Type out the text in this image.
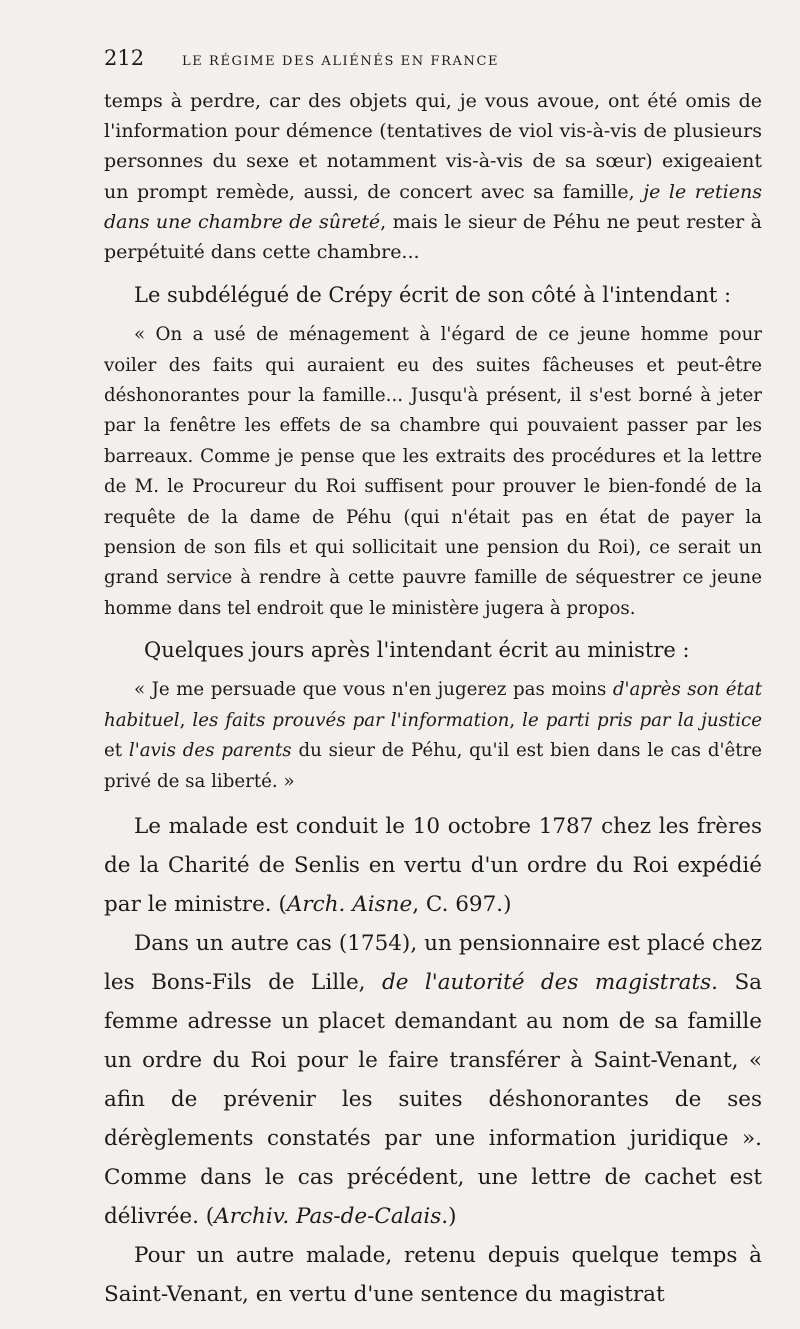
212	LE RÉGIME DES ALIÉNÉS EN FRANCE

temps à perdre, car des objets qui, je vous avoue, ont été omis de l'information pour démence (tentatives de viol vis-à-vis de plusieurs personnes du sexe et notamment vis-à-vis de sa sœur) exigeaient un prompt remède, aussi, de concert avec sa famille, je le retiens dans une chambre de sûreté, mais le sieur de Péhu ne peut rester à perpétuité dans cette chambre...

Le subdélégué de Crépy écrit de son côté à l'intendant :

« On a usé de ménagement à l'égard de ce jeune homme pour voiler des faits qui auraient eu des suites fâcheuses et peut-être déshonorantes pour la famille... Jusqu'à présent, il s'est borné à jeter par la fenêtre les effets de sa chambre qui pouvaient passer par les barreaux. Comme je pense que les extraits des procédures et la lettre de M. le Procureur du Roi suffisent pour prouver le bien-fondé de la requête de la dame de Péhu (qui n'était pas en état de payer la pension de son fils et qui sollicitait une pension du Roi), ce serait un grand service à rendre à cette pauvre famille de séquestrer ce jeune homme dans tel endroit que le ministère jugera à propos.

Quelques jours après l'intendant écrit au ministre :

« Je me persuade que vous n'en jugerez pas moins d'après son état habituel, les faits prouvés par l'information, le parti pris par la justice et l'avis des parents du sieur de Péhu, qu'il est bien dans le cas d'être privé de sa liberté. »

Le malade est conduit le 10 octobre 1787 chez les frères de la Charité de Senlis en vertu d'un ordre du Roi expédié par le ministre. (Arch. Aisne, C. 697.)

Dans un autre cas (1754), un pensionnaire est placé chez les Bons-Fils de Lille, de l'autorité des magistrats. Sa femme adresse un placet demandant au nom de sa famille un ordre du Roi pour le faire transférer à Saint-Venant, « afin de prévenir les suites déshonorantes de ses dérèglements constatés par une information juridique ». Comme dans le cas précédent, une lettre de cachet est délivrée. (Archiv. Pas-de-Calais.)

Pour un autre malade, retenu depuis quelque temps à Saint-Venant, en vertu d'une sentence du magistrat
